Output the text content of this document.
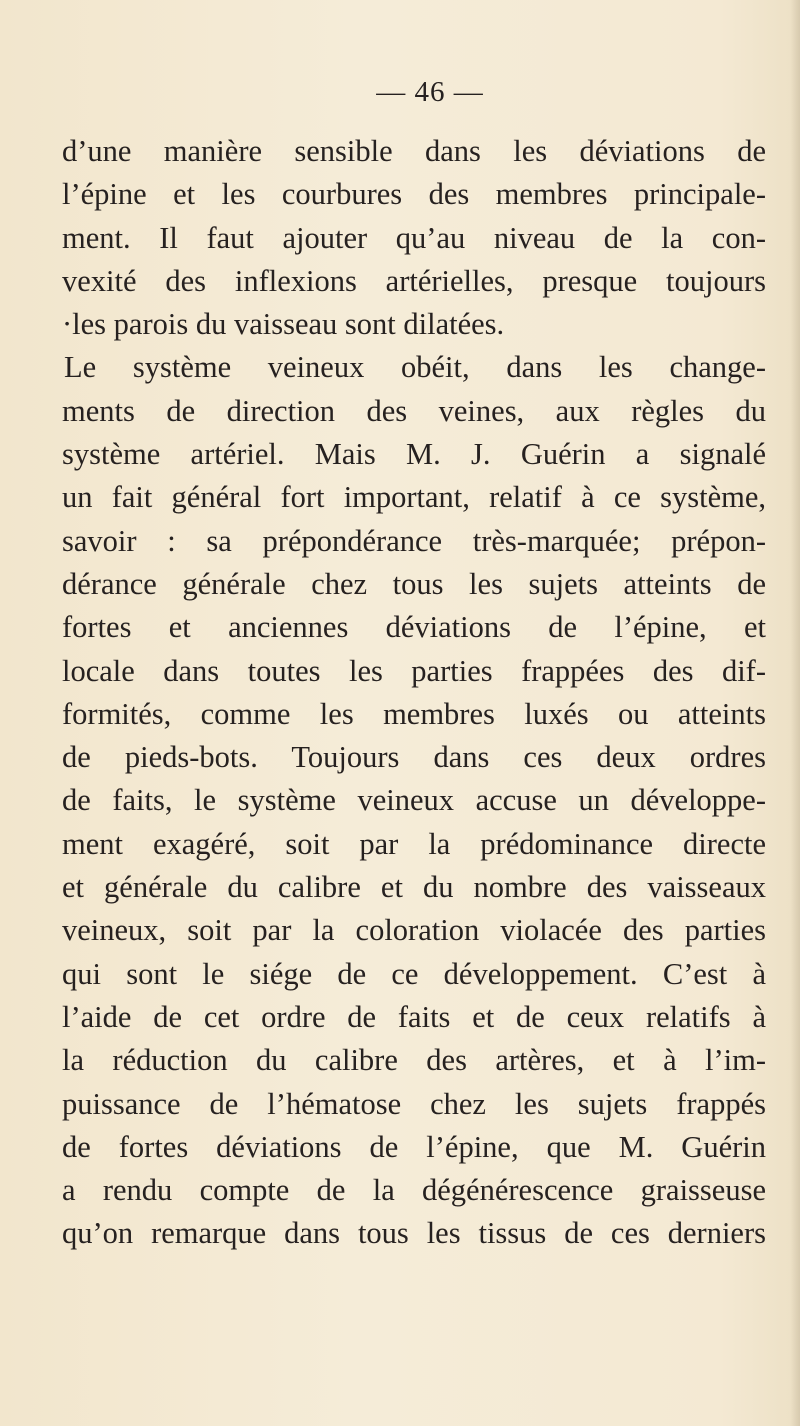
— 46 —
d’une manière sensible dans les déviations de
l’épine et les courbures des membres principale-
ment. Il faut ajouter qu’au niveau de la con-
vexité des inflexions artérielles, presque toujours
·les parois du vaisseau sont dilatées.
Le système veineux obéit, dans les change-
ments de direction des veines, aux règles du
système artériel. Mais M. J. Guérin a signalé
un fait général fort important, relatif à ce système,
savoir : sa prépondérance très-marquée; prépon-
dérance générale chez tous les sujets atteints de
fortes et anciennes déviations de l’épine, et
locale dans toutes les parties frappées des dif-
formités, comme les membres luxés ou atteints
de pieds-bots. Toujours dans ces deux ordres
de faits, le système veineux accuse un développe-
ment exagéré, soit par la prédominance directe
et générale du calibre et du nombre des vaisseaux
veineux, soit par la coloration violacée des parties
qui sont le siége de ce développement. C’est à
l’aide de cet ordre de faits et de ceux relatifs à
la réduction du calibre des artères, et à l’im-
puissance de l’hématose chez les sujets frappés
de fortes déviations de l’épine, que M. Guérin
a rendu compte de la dégénérescence graisseuse
qu’on remarque dans tous les tissus de ces derniers
